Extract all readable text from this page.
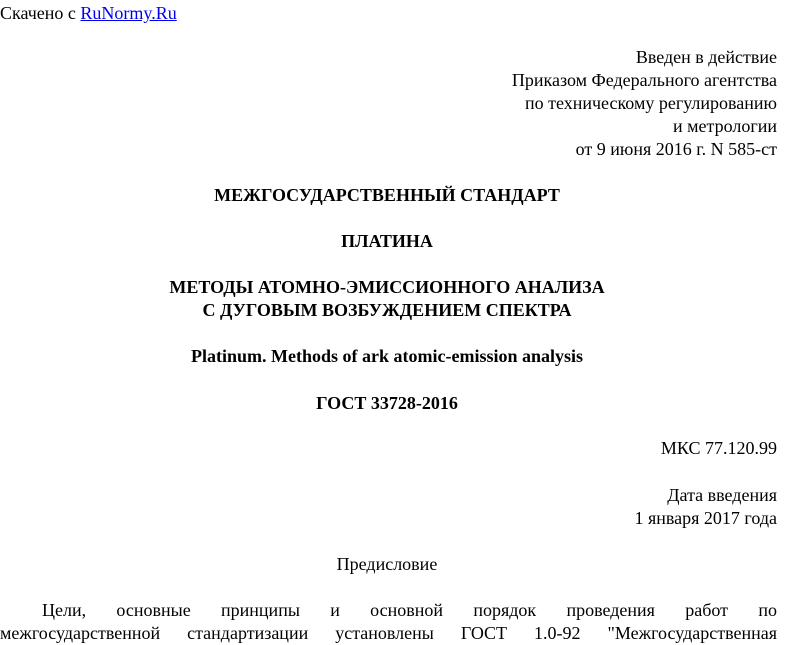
Скачено с RuNormy.Ru
Введен в действие
Приказом Федерального агентства
по техническому регулированию
и метрологии
от 9 июня 2016 г. N 585-ст
МЕЖГОСУДАРСТВЕННЫЙ СТАНДАРТ
ПЛАТИНА
МЕТОДЫ АТОМНО-ЭМИССИОННОГО АНАЛИЗА
С ДУГОВЫМ ВОЗБУЖДЕНИЕМ СПЕКТРА
Platinum. Methods of ark atomic-emission analysis
ГОСТ 33728-2016
МКС 77.120.99
Дата введения
1 января 2017 года
Предисловие
Цели, основные принципы и основной порядок проведения работ по
межгосударственной стандартизации установлены ГОСТ 1.0-92 "Межгосударственная
